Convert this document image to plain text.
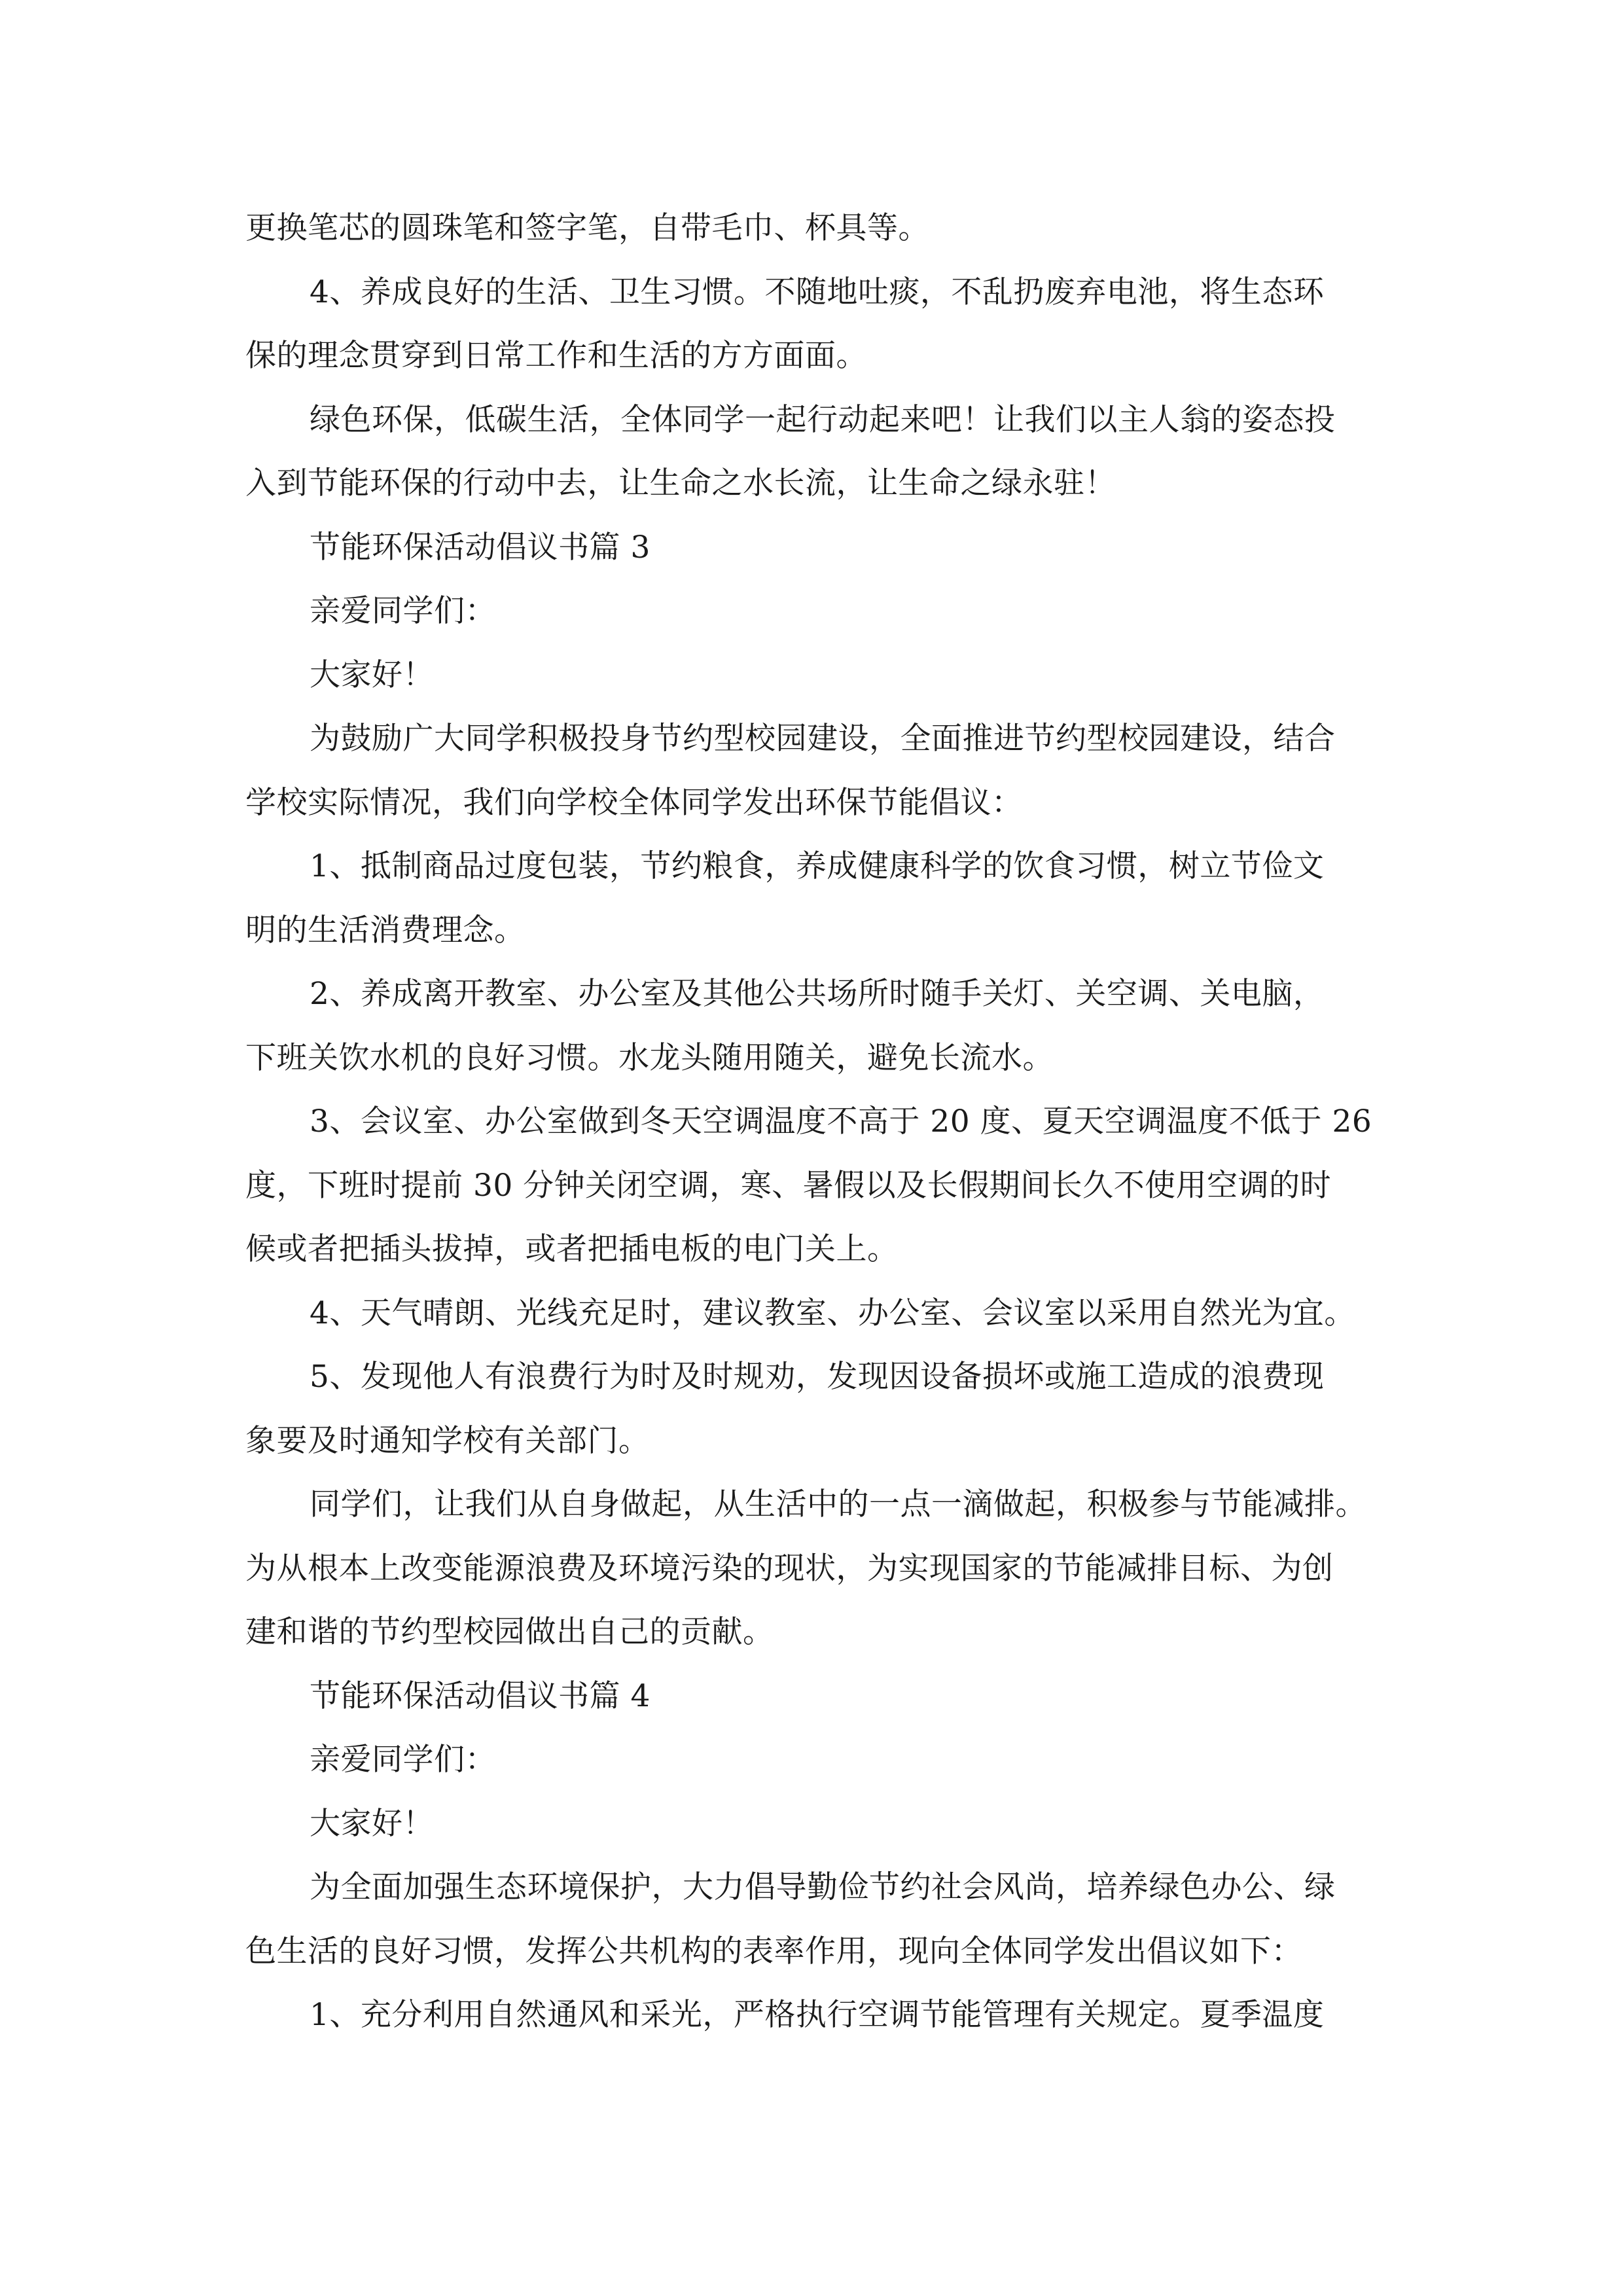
更换笔芯的圆珠笔和签字笔，自带毛巾、杯具等。
4、养成良好的生活、卫生习惯。不随地吐痰，不乱扔废弃电池，将生态环
保的理念贯穿到日常工作和生活的方方面面。
绿色环保，低碳生活，全体同学一起行动起来吧！让我们以主人翁的姿态投
入到节能环保的行动中去，让生命之水长流，让生命之绿永驻！
节能环保活动倡议书篇 3
亲爱同学们：
大家好！
为鼓励广大同学积极投身节约型校园建设，全面推进节约型校园建设，结合
学校实际情况，我们向学校全体同学发出环保节能倡议：
1、抵制商品过度包装，节约粮食，养成健康科学的饮食习惯，树立节俭文
明的生活消费理念。
2、养成离开教室、办公室及其他公共场所时随手关灯、关空调、关电脑，
下班关饮水机的良好习惯。水龙头随用随关，避免长流水。
3、会议室、办公室做到冬天空调温度不高于 20 度、夏天空调温度不低于 26
度，下班时提前 30 分钟关闭空调，寒、暑假以及长假期间长久不使用空调的时
候或者把插头拔掉，或者把插电板的电门关上。
4、天气晴朗、光线充足时，建议教室、办公室、会议室以采用自然光为宜。
5、发现他人有浪费行为时及时规劝，发现因设备损坏或施工造成的浪费现
象要及时通知学校有关部门。
同学们，让我们从自身做起，从生活中的一点一滴做起，积极参与节能减排。
为从根本上改变能源浪费及环境污染的现状，为实现国家的节能减排目标、为创
建和谐的节约型校园做出自己的贡献。
节能环保活动倡议书篇 4
亲爱同学们：
大家好！
为全面加强生态环境保护，大力倡导勤俭节约社会风尚，培养绿色办公、绿
色生活的良好习惯，发挥公共机构的表率作用，现向全体同学发出倡议如下：
1、充分利用自然通风和采光，严格执行空调节能管理有关规定。夏季温度
